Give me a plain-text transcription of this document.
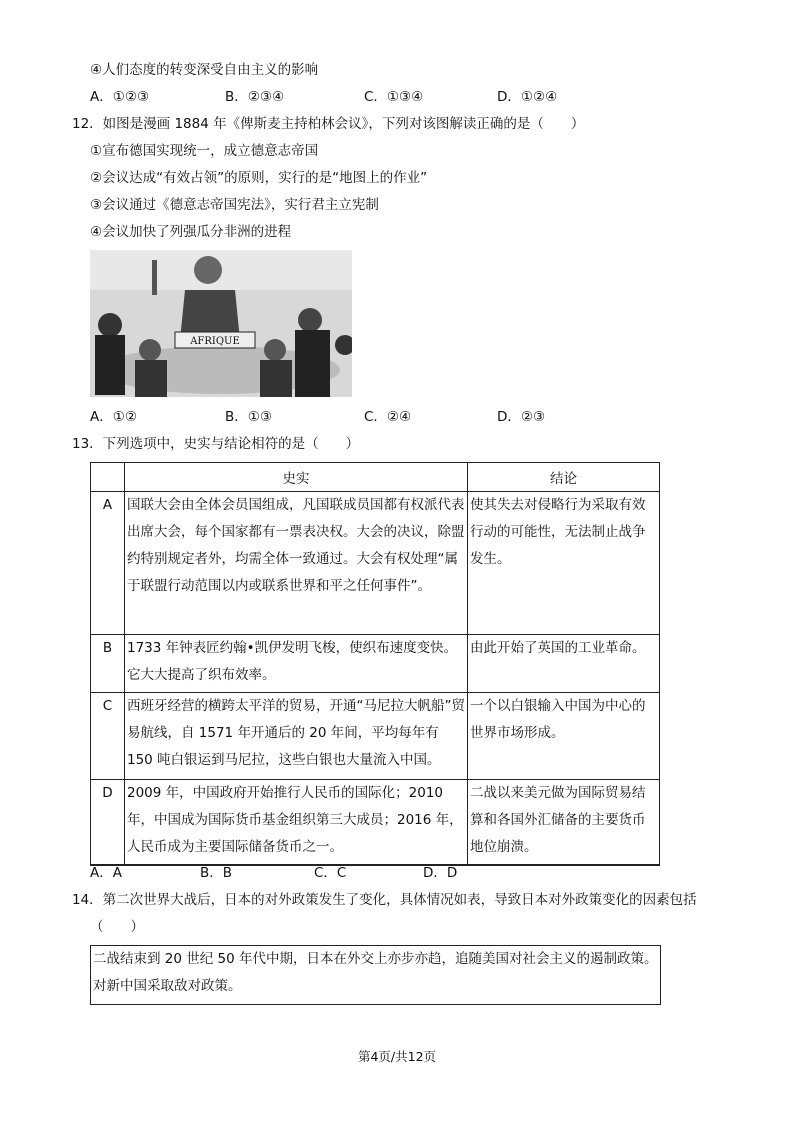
④人们态度的转变深受自由主义的影响
A．①②③	B．②③④	C．①③④	D．①②④
12．如图是漫画 1884 年《俾斯麦主持柏林会议》，下列对该图解读正确的是（　　）
①宣布德国实现统一，成立德意志帝国
②会议达成“有效占领”的原则，实行的是“地图上的作业”
③会议通过《德意志帝国宪法》，实行君主立宪制
④会议加快了列强瓜分非洲的进程
AFRIQUE
A．①②	B．①③	C．②④	D．②③
13．下列选项中，史实与结论相符的是（　　）
	史实	结论
A	国联大会由全体会员国组成，凡国联成员国都有权派代表出席大会，每个国家都有一票表决权。大会的决议，除盟约特别规定者外，均需全体一致通过。大会有权处理“属于联盟行动范围以内或联系世界和平之任何事件”。	使其失去对侵略行为采取有效行动的可能性，无法制止战争发生。
B	1733 年钟表匠约翰•凯伊发明飞梭，使织布速度变快。它大大提高了织布效率。	由此开始了英国的工业革命。
C	西班牙经营的横跨太平洋的贸易，开通“马尼拉大帆船”贸易航线，自 1571 年开通后的 20 年间，平均每年有 150 吨白银运到马尼拉，这些白银也大量流入中国。	一个以白银输入中国为中心的世界市场形成。
D	2009 年，中国政府开始推行人民币的国际化；2010 年，中国成为国际货币基金组织第三大成员；2016 年，人民币成为主要国际储备货币之一。	二战以来美元做为国际贸易结算和各国外汇储备的主要货币地位崩溃。
A．A	B．B	C．C	D．D
14．第二次世界大战后，日本的对外政策发生了变化，具体情况如表，导致日本对外政策变化的因素包括
（　　）
二战结束到 20 世纪 50 年代中期，日本在外交上亦步亦趋，追随美国对社会主义的遏制政策。对新中国采取敌对政策。
第4页/共12页
